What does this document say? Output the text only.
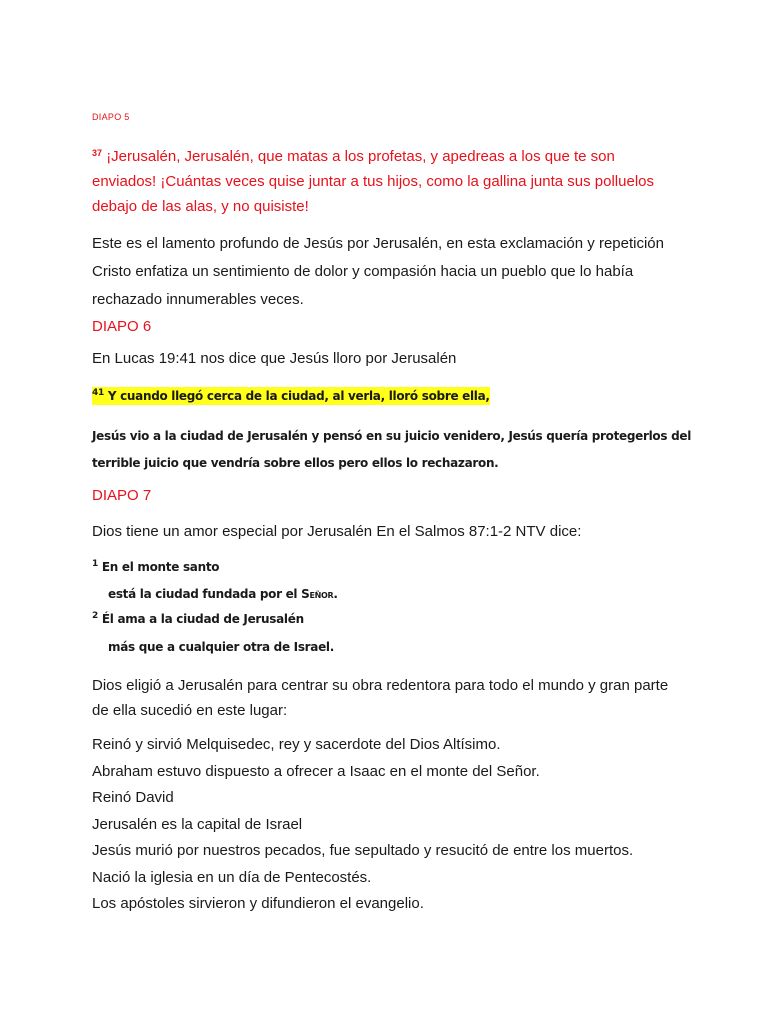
DIAPO 5
$^{37}$ ¡Jerusalén, Jerusalén, que matas a los profetas, y apedreas a los que te son enviados! ¡Cuántas veces quise juntar a tus hijos, como la gallina junta sus polluelos debajo de las alas, y no quisiste!
Este es el lamento profundo de Jesús por Jerusalén, en esta exclamación y repetición Cristo enfatiza un sentimiento de dolor y compasión hacia un pueblo que lo había rechazado innumerables veces.
DIAPO 6
En Lucas 19:41 nos dice que Jesús lloro por Jerusalén
$^{41}$ Y cuando llegó cerca de la ciudad, al verla, lloró sobre ella,
Jesús vio a la ciudad de Jerusalén y pensó en su juicio venidero, Jesús quería protegerlos del terrible juicio que vendría sobre ellos pero ellos lo rechazaron.
DIAPO 7
Dios tiene un amor especial por Jerusalén En el Salmos 87:1-2 NTV dice:
$^1$ En el monte santo
está la ciudad fundada por el Señor.
$^2$ Él ama a la ciudad de Jerusalén
más que a cualquier otra de Israel.
Dios eligió a Jerusalén para centrar su obra redentora para todo el mundo y gran parte de ella sucedió en este lugar:
Reinó y sirvió Melquisedec, rey y sacerdote del Dios Altísimo.
Abraham estuvo dispuesto a ofrecer a Isaac en el monte del Señor.
Reinó David
Jerusalén es la capital de Israel
Jesús murió por nuestros pecados, fue sepultado y resucitó de entre los muertos.
Nació la iglesia en un día de Pentecostés.
Los apóstoles sirvieron y difundieron el evangelio.
